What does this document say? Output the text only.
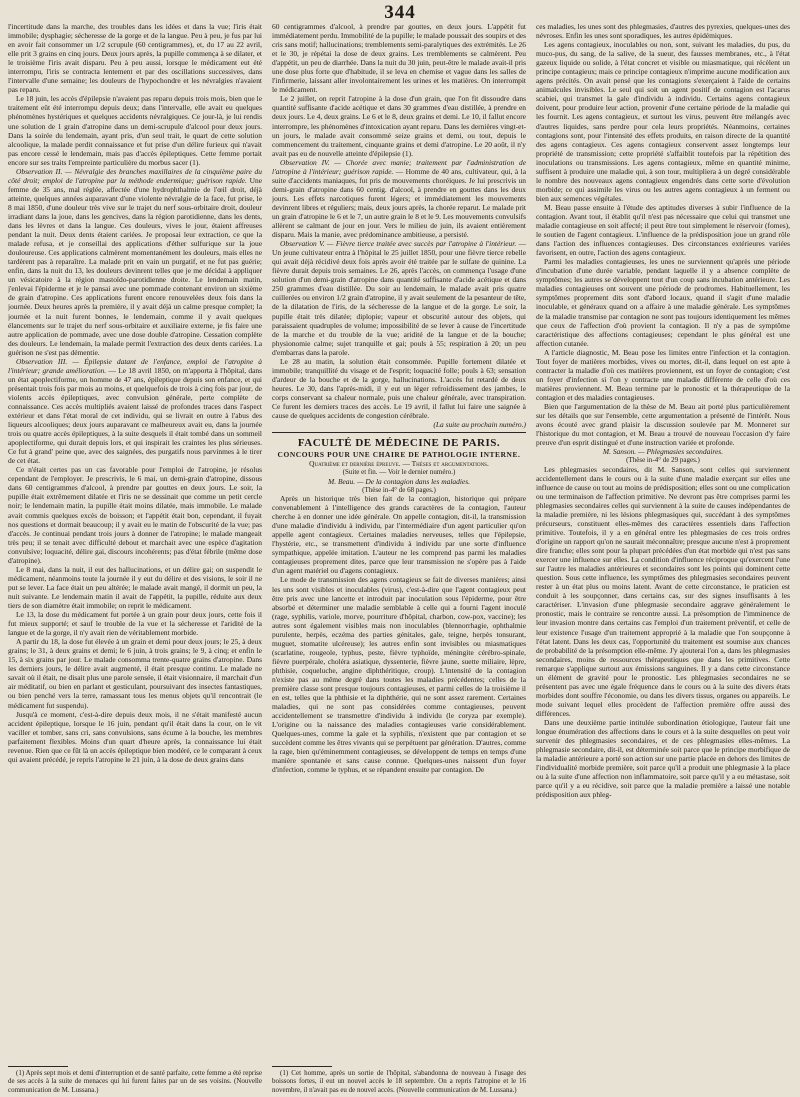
344

l'incertitude dans la marche, des troubles dans les idées et dans la vue; l'iris était immobile; dysphagie; sécheresse de la gorge et de la langue. Peu à peu, je fus par lui en avoir fait consommer un 1/2 scrupule (60 centigrammes), et, du 17 au 22 avril, elle prit 3 grains en cinq jours. Deux jours après, la pupille commença à se dilater, et le troisième l'iris avait disparu. Peu à peu aussi, lorsque le médicament eut été interrompu, l'iris se contracta lentement et par des oscillations successives, dans l'intervalle d'une semaine; les douleurs de l'hypochondre et les névralgies n'avaient pas reparu.

Le 18 juin, les accès d'épilepsie n'avaient pas reparu depuis trois mois, bien que le traitement eût été interrompu depuis deux; dans l'intervalle, elle avait eu quelques phénomènes hystériques et quelques accidents névralgiques. Ce jour-là, je lui rendis une solution de 1 grain d'atropine dans un demi-scrupule d'alcool pour deux jours. Dans la soirée du lendemain, ayant pris, d'un seul trait, le quart de cette solution alcoolique, la malade perdit connaissance et fut prise d'un délire furieux qui n'avait pas encore cessé le lendemain, mais pas d'accès épileptiques. Cette femme portait encore sur ses traits l'empreinte particulière du morbus sacer (1).

Observation II. — Névralgie des branches maxillaires de la cinquième paire du côté droit; emploi de l'atropine par la méthode endermique; guérison rapide. Une femme de 35 ans, mal réglée, affectée d'une hydrophthalmie de l'œil droit, déjà atteinte, quelques années auparavant d'une violente névralgie de la face, fut prise, le 8 mai 1850, d'une douleur très vive sur le trajet du nerf sous-orbitaire droit, douleur irradiant dans la joue, dans les gencives, dans la région parotidienne, dans les dents, dans les lèvres et dans la langue. Ces douleurs, vives le jour, étaient affreuses pendant la nuit. Deux dents étaient cariées. Je proposai leur extraction, ce que la malade refusa, et je conseillai des applications d'éther sulfurique sur la joue douloureuse. Ces applications calmèrent momentanément les douleurs, mais elles ne tardèrent pas à reparaître. La malade prit en vain un purgatif, et ne fut pas guérie; enfin, dans la nuit du 13, les douleurs devinrent telles que je me décidai à appliquer un vésicatoire à la région mastoïdo-parotidienne droite. Le lendemain matin, j'enlevai l'épiderme et je le pansai avec une pommade contenant environ un sixième de grain d'atropine. Ces applications furent encore renouvelées deux fois dans la journée. Deux heures après la première, il y avait déjà un calme presque complet; la journée et la nuit furent bonnes, le lendemain, comme il y avait quelques élancements sur le trajet du nerf sous-orbitaire et auxiliaire externe, je fis faire une autre application de pommade, avec une dose double d'atropine. Cessation complète des douleurs. Le lendemain, la malade permit l'extraction des deux dents cariées. La guérison ne s'est pas démentie.

Observation III. — Épilepsie datant de l'enfance, emploi de l'atropine à l'intérieur; grande amélioration. — Le 18 avril 1850, on m'apporta à l'hôpital, dans un état apoplectiforme, un homme de 47 ans, épileptique depuis son enfance, et qui présentait trois fois par mois au moins, et quelquefois de trois à cinq fois par jour, de violents accès épileptiques, avec convulsion générale, perte complète de connaissance. Ces accès multipliés avaient laissé de profondes traces dans l'aspect extérieur et dans l'état moral de cet individu, qui se livrait en outre à l'abus des liqueurs alcooliques; deux jours auparavant ce malheureux avait eu, dans la journée trois ou quatre accès épileptiques, à la suite desquels il était tombé dans un sommeil apoplectiforme, qui durait depuis lors, et qui inspirait les craintes les plus sérieuses. Ce fut à grand' peine que, avec des saignées, des purgatifs nous parvinmes à le tirer de cet état.

Ce n'était certes pas un cas favorable pour l'emploi de l'atropine, je résolus cependant de l'employer. Je prescrivis, le 6 mai, un demi-grain d'atropine, dissous dans 60 centigrammes d'alcool, à prendre par gouttes en deux jours. Le soir, la pupille était extrêmement dilatée et l'iris ne se dessinait que comme un petit cercle noir; le lendemain matin, la pupille était moins dilatée, mais immobile. Le malade avait commis quelques excès de boisson; et l'appétit était bon, cependant, il fuyait nos questions et dormait beaucoup; il y avait eu le matin de l'obscurité de la vue; pas d'accès. Je continuai pendant trois jours à donner de l'atropine; le malade mangeait très peu; il se tenait avec difficulté debout et marchait avec une espèce d'agitation convulsive; loquacité, délire gai, discours incohérents; pas d'état fébrile (même dose d'atropine).

Le 8 mai, dans la nuit, il eut des hallucinations, et un délire gai; on suspendit le médicament, néanmoins toute la journée il y eut du délire et des visions, le soir il ne put se lever. La face était un peu altérée; le malade avait mangé, il dormit un peu, la nuit suivante. Le lendemain matin il avait de l'appétit, la pupille, réduite aux deux tiers de son diamètre était immobile; on reprit le médicament.

Le 13, la dose du médicament fut portée à un grain pour deux jours, cette fois il fut mieux supporté; et sauf le trouble de la vue et la sécheresse et l'aridité de la langue et de la gorge, il n'y avait rien de véritablement morbide.

A partir du 18, la dose fut élevée à un grain et demi pour deux jours; le 25, à deux grains; le 31, à deux grains et demi; le 6 juin, à trois grains; le 9, à cinq; et enfin le 15, à six grains par jour. Le malade consomma trente-quatre grains d'atropine. Dans les derniers jours, le délire avait augmenté, il était presque continu. Le malade ne savait où il était, ne disait plus une parole sensée, il était visionnaire, il marchait d'un air méditatif, ou bien en parlant et gesticulant, poursuivant des insectes fantastiques, ou bien penché vers la terre, ramassant tous les menus objets qu'il rencontrait (le médicament fut suspendu).

Jusqu'à ce moment, c'est-à-dire depuis deux mois, il ne s'était manifesté aucun accident épileptique, lorsque le 16 juin, pendant qu'il était dans la cour, on le vit vaciller et tomber, sans cri, sans convulsions, sans écume à la bouche, les membres parfaitement flexibles. Moins d'un quart d'heure après, la connaissance lui était revenue. Rien que ce fût là un accès épileptique bien modéré, ce le comparant à ceux qui avaient précédé, je repris l'atropine le 21 juin, à la dose de deux grains dans

(1) Après sept mois et demi d'interruption et de santé parfaite, cette femme a été reprise de ses accès à la suite de menaces qui lui furent faites par un de ses voisins. (Nouvelle communication de M. Lussana.)

60 centigrammes d'alcool, à prendre par gouttes, en deux jours. L'appétit fut immédiatement perdu. Immobilité de la pupille; le malade poussait des soupirs et des cris sans motif; hallucinations; tremblements semi-paralytiques des extrémités. Le 26 et le 30, je répétai la dose de deux grains. Les tremblements se calmèrent. Peu d'appétit, un peu de diarrhée. Dans la nuit du 30 juin, peut-être le malade avait-il pris une dose plus forte que d'habitude, il se leva en chemise et vague dans les salles de l'infirmerie, laissant aller involontairement les urines et les matières. On interrompit le médicament.

Le 2 juillet, on reprit l'atropine à la dose d'un grain, que l'on fit dissoudre dans quantité suffisante d'acide acétique et dans 30 grammes d'eau distillée, à prendre en deux jours. Le 4, deux grains. Le 6 et le 8, deux grains et demi. Le 10, il fallut encore interrompre, les phénomènes d'intoxication ayant reparu. Dans les dernières vingt-et-un jours, le malade avait consommé seize grains et demi, ou tout, depuis le commencement du traitement, cinquante grains et demi d'atropine. Le 20 août, il n'y avait pas eu de nouvelle atteinte d'épilepsie (1).

Observation IV. — Chorée avec manie; traitement par l'administration de l'atropine à l'intérieur; guérison rapide. — Homme de 40 ans, cultivateur, qui, à la suite d'accidents maniaques, fut pris de mouvements choréiques. Je lui prescrivis un demi-grain d'atropine dans 60 centig. d'alcool, à prendre en gouttes dans les deux jours. Les effets narcotiques furent légers; et immédiatement les mouvements devinrent libres et réguliers; mais, deux jours après, la chorée reparut. Le malade prit un grain d'atropine le 6 et le 7, un autre grain le 8 et le 9. Les mouvements convulsifs allèrent se calmant de jour en jour. Vers le milieu de juin, ils avaient entièrement disparu. Mais la manie, avec prédominance ambitieuse, a persisté.

Observation V. — Fièvre tierce traitée avec succès par l'atropine à l'intérieur. — Un jeune cultivateur entra à l'hôpital le 25 juillet 1850, pour une fièvre tierce rebelle qui avait déjà récidivé deux fois après avoir été traitée par le sulfate de quinine. La fièvre durait depuis trois semaines. Le 26, après l'accès, on commença l'usage d'une solution d'un demi-grain d'atropine dans quantité suffisante d'acide acétique et dans 250 grammes d'eau distillée. Du soir au lendemain, le malade avait pris quatre cuillerées ou environ 1/2 grain d'atropine, il y avait seulement de la pesanteur de tête, de la dilatation de l'iris, de la sécheresse de la langue et de la gorge. Le soir, la pupille était très dilatée; diplopie; vapeur et obscurité autour des objets, qui paraissaient quadruples de volume; impossibilité de se lever à cause de l'incertitude de la marche et du trouble de la vue; aridité de la langue et de la bouche; physionomie calme; sujet tranquille et gai; pouls à 55; respiration à 20; un peu d'embarras dans la parole.

Le 28 au matin, la solution était consommée. Pupille fortement dilatée et immobile; tranquillité du visage et de l'esprit; loquacité folle; pouls à 63; sensation d'ardeur de la bouche et de la gorge, hallucinations. L'accès fut retardé de deux heures. Le 30, dans l'après-midi, il y eut un léger refroidissement des jambes, le corps conservant sa chaleur normale, puis une chaleur générale, avec transpiration. Ce furent les derniers traces des accès. Le 19 avril, il fallut lui faire une saignée à cause de quelques accidents de congestion cérébrale.

(La suite au prochain numéro.)

FACULTÉ DE MÉDECINE DE PARIS.

CONCOURS POUR UNE CHAIRE DE PATHOLOGIE INTERNE.

Quatrième et dernière épreuve. — Thèses et argumentations.

(Suite et fin. — Voir le dernier numéro.)

M. Beau. — De la contagion dans les maladies.

(Thèse in-4° de 68 pages.)

Après un historique très bien fait de la contagion, historique qui prépare convenablement à l'intelligence des grands caractères de la contagion, l'auteur cherche à en donner une idée générale. On appelle contagion, dit-il, la transmission d'une maladie d'individu à individu, par l'intermédiaire d'un agent particulier qu'on appelle agent contagieux. Certaines maladies nerveuses, telles que l'épilepsie, l'hystérie, etc., se transmettent d'individu à individu par une sorte d'influence sympathique, appelée imitation. L'auteur ne les comprend pas parmi les maladies contagieuses proprement dites, parce que leur transmission ne s'opère pas à l'aide d'un agent matériel ou d'agens contagieux.

Le mode de transmission des agens contagieux se fait de diverses manières; ainsi les uns sont visibles et inoculables (virus), c'est-à-dire que l'agent contagieux peut être pris avec une lancette et introduit par inoculation sous l'épiderme, pour être absorbé et déterminer une maladie semblable à celle qui a fourni l'agent inoculé (rage, syphilis, variole, morve, pourriture d'hôpital, charbon, cow-pox, vaccine); les autres sont également visibles mais non inoculables (blennorrhagie, ophthalmie purulente, herpès, eczéma des parties génitales, gale, teigne, herpès tonsurant, muguet, stomatite ulcéreuse); les autres enfin sont invisibles ou miasmatiques (scarlatine, rougeole, typhus, peste, fièvre typhoïde, méningite cérébro-spinale, fièvre puerpérale, choléra asiatique, dyssenterie, fièvre jaune, suette miliaire, lèpre, phthisie, coqueluche, angine diphthéritique, croup). L'intensité de la contagion n'existe pas au même degré dans toutes les maladies précédentes; celles de la première classe sont presque toujours contagieuses, et parmi celles de la troisième il en est, telles que la phthisie et la diphthérie, qui ne sont assez rarement. Certaines maladies, qui ne sont pas considérées comme contagieuses, peuvent accidentellement se transmettre d'individu à individu (le coryza par exemple). L'origine ou la naissance des maladies contagieuses varie considérablement. Quelques-unes, comme la gale et la syphilis, n'existent que par contagion et se succèdent comme les êtres vivants qui se perpétuent par génération. D'autres, comme la rage, bien qu'éminemment contagieuses, se développent de temps en temps d'une manière spontanée et sans cause connue. Quelques-unes naissent d'un foyer d'infection, comme le typhus, et se répandent ensuite par contagion. De

(1) Cet homme, après un sortie de l'hôpital, s'abandonna de nouveau à l'usage des boissons fortes, il eut un nouvel accès le 18 septembre. On a repris l'atropine et le 16 novembre, il n'avait pas eu de nouvel accès. (Nouvelle communication de M. Lussana.)

ces maladies, les unes sont des phlegmasies, d'autres des pyrexies, quelques-unes des névroses. Enfin les unes sont sporadiques, les autres épidémiques.

Les agens contagieux, inoculables ou non, sont, suivant les maladies, du pus, du muco-pus, du sang, de la salive, de la sueur, des fausses membranes, etc., à l'état gazeux liquide ou solide, à l'état concret et visible ou miasmatique, qui récèlent un principe contagieux; mais ce principe contagieux n'imprime aucune modification aux agens précités. On avait pensé que les contagions s'exerçaient à l'aide de certains animalcules invisibles. Le seul qui soit un agent positif de contagion est l'acarus scabiei, qui transmet la gale d'individu à individu. Certains agens contagieux doivent, pour produire leur action, provenir d'une certaine période de la maladie qui les fournit. Les agens contagieux, et surtout les virus, peuvent être mélangés avec d'autres liquides, sans perdre pour cela leurs propriétés. Néanmoins, certaines contagions sont, pour l'intensité des effets produits, en raison directe de la quantité des agens contagieux. Ces agens contagieux conservent assez longtemps leur propriété de transmission; cette propriété s'affaiblit toutefois par la répétition des inoculations ou transmissions. Les agens contagieux, même en quantité minime, suffisent à produire une maladie qui, à son tour, multipliera à un degré considérable le nombre des nouveaux agens contagieux engendrés dans cette sorte d'évolution morbide; ce qui assimile les virus ou les autres agens contagieux à un ferment ou bien aux semences végétales.

M. Beau passe ensuite à l'étude des aptitudes diverses à subir l'influence de la contagion. Avant tout, il établit qu'il n'est pas nécessaire que celui qui transmet une maladie contagieuse en soit affecté; il peut être tout simplement le réservoir (fomes), le soutien de l'agent contagieux. L'influence de la prédisposition joue un grand rôle dans l'action des influences contagieuses. Des circonstances extérieures variées favorisent, en outre, l'action des agens contagieux.

Parmi les maladies contagieuses, les unes ne surviennent qu'après une période d'incubation d'une durée variable, pendant laquelle il y a absence complète de symptômes; les autres se développent tout d'un coup sans incubation antérieure. Les maladies contagieuses ont souvent une période de prodromes. Habituellement, les symptômes proprement dits sont d'abord locaux, quand il s'agit d'une maladie inoculable, et généraux quand on a affaire à une maladie générale. Les symptômes de la maladie transmise par contagion ne sont pas toujours identiquement les mêmes que ceux de l'affection d'où provient la contagion. Il n'y a pas de symptôme caractéristique des affections contagieuses; cependant le plus général est une affection cutanée.

A l'article diagnostic, M. Beau pose les limites entre l'infection et la contagion. Tout foyer de matières morbides, vives ou mortes, dit-il, dans lequel on est apte à contracter la maladie d'où ces matières proviennent, est un foyer de contagion; c'est un foyer d'infection si l'on y contracte une maladie différente de celle d'où ces matières proviennent. M. Beau termine par le pronostic et la thérapeutique de la contagion et des maladies contagieuses.

Bien que l'argumentation de la thèse de M. Beau ait porté plus particulièrement sur les détails que sur l'ensemble, cette argumentation a présenté de l'intérêt. Nous avons écouté avec grand plaisir la discussion soulevée par M. Monneret sur l'historique du mot contagion, et M. Beau a trouvé de nouveau l'occasion d'y faire preuve d'un esprit distingué et d'une instruction variée et profonde.

M. Sanson. — Phlegmasies secondaires.

(Thèse in-4° de 29 pages.)

Les phlegmasies secondaires, dit M. Sanson, sont celles qui surviennent accidentellement dans le cours ou à la suite d'une maladie exerçant sur elles une influence de cause ou tout au moins de prédisposition; elles sont ou une complication ou une terminaison de l'affection primitive. Ne devront pas être comprises parmi les phlegmasies secondaires celles qui surviennent à la suite de causes indépendantes de la maladie première, ni les lésions phlegmasiques qui, succédant à des symptômes précurseurs, constituent elles-mêmes des caractères essentiels dans l'affection primitive. Toutefois, il y a en général entre les phlegmasies de ces trois ordres d'origine un rapport qu'on ne saurait méconnaître; presque aucune n'est à proprement dire franche; elles sont pour la plupart précédées d'un état morbide qui n'est pas sans exercer une influence sur elles. La condition d'influence réciproque qu'exercent l'une sur l'autre les maladies antérieures et secondaires sont les points qui dominent cette question. Sous cette influence, les symptômes des phlegmasies secondaires peuvent rester à un état plus ou moins latent. Avant de cette circonstance, le praticien est conduit à les soupçonner, dans certains cas, sur des signes insuffisants à les caractériser. L'invasion d'une phlegmasie secondaire aggrave généralement le pronostic, mais le contraire se rencontre aussi. La présomption de l'imminence de leur invasion montre dans certains cas l'emploi d'un traitement préventif, et celle de leur existence l'usage d'un traitement approprié à la maladie que l'on soupçonne à l'état latent. Dans les deux cas, l'opportunité du traitement est soumise aux chances de probabilité de la présomption elle-même. J'y ajouterai l'on a, dans les phlegmasies secondaires, moins de ressources thérapeutiques que dans les primitives. Cette remarque s'applique surtout aux émissions sanguines. Il y a dans cette circonstance un élément de gravité pour le pronostic. Les phlegmasies secondaires ne se présentent pas avec une égale fréquence dans le cours ou à la suite des divers états morbides dont souffre l'économie, ou dans les divers tissus, organes ou appareils. Le mode suivant lequel elles procèdent de l'affection première offre aussi des différences.

Dans une deuxième partie intitulée subordination étiologique, l'auteur fait une longue énumération des affections dans le cours et à la suite desquelles on peut voir survenir des phlegmasies secondaires, et de ces phlegmasies elles-mêmes. La phlegmasie secondaire, dit-il, est déterminée soit parce que le principe morbifique de la maladie antérieure a porté son action sur une partie placée en dehors des limites de l'individualité morbide première, soit parce qu'il a produit une phlegmasie à la place ou à la suite d'une affection non inflammatoire, soit parce qu'il y a eu métastase, soit parce qu'il y a eu récidive, soit parce que la maladie première a laissé une notable prédisposition aux phleg-
